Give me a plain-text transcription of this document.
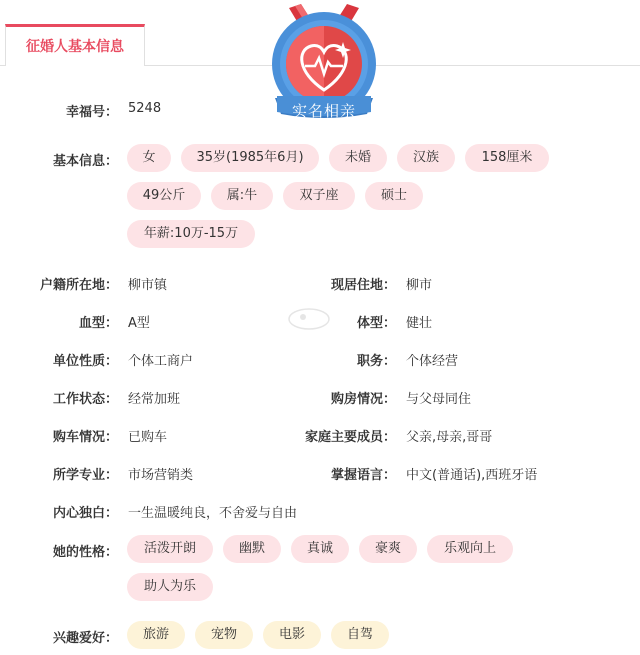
征婚人基本信息
实名相亲
幸福号： 5248
基本信息：	女	35岁(1985年6月)	未婚	汉族	158厘米
49公斤	属:牛	双子座	硕士
年薪:10万-15万
户籍所在地： 柳市镇	现居住地： 柳市
血型： A型	体型： 健壮
单位性质： 个体工商户	职务： 个体经营
工作状态： 经常加班	购房情况： 与父母同住
购车情况： 已购车	家庭主要成员： 父亲,母亲,哥哥
所学专业： 市场营销类	掌握语言： 中文(普通话),西班牙语
内心独白： 一生温暖纯良，不舍爱与自由
她的性格：	活泼开朗	幽默	真诚	豪爽	乐观向上
助人为乐
兴趣爱好：	旅游	宠物	电影	自驾
